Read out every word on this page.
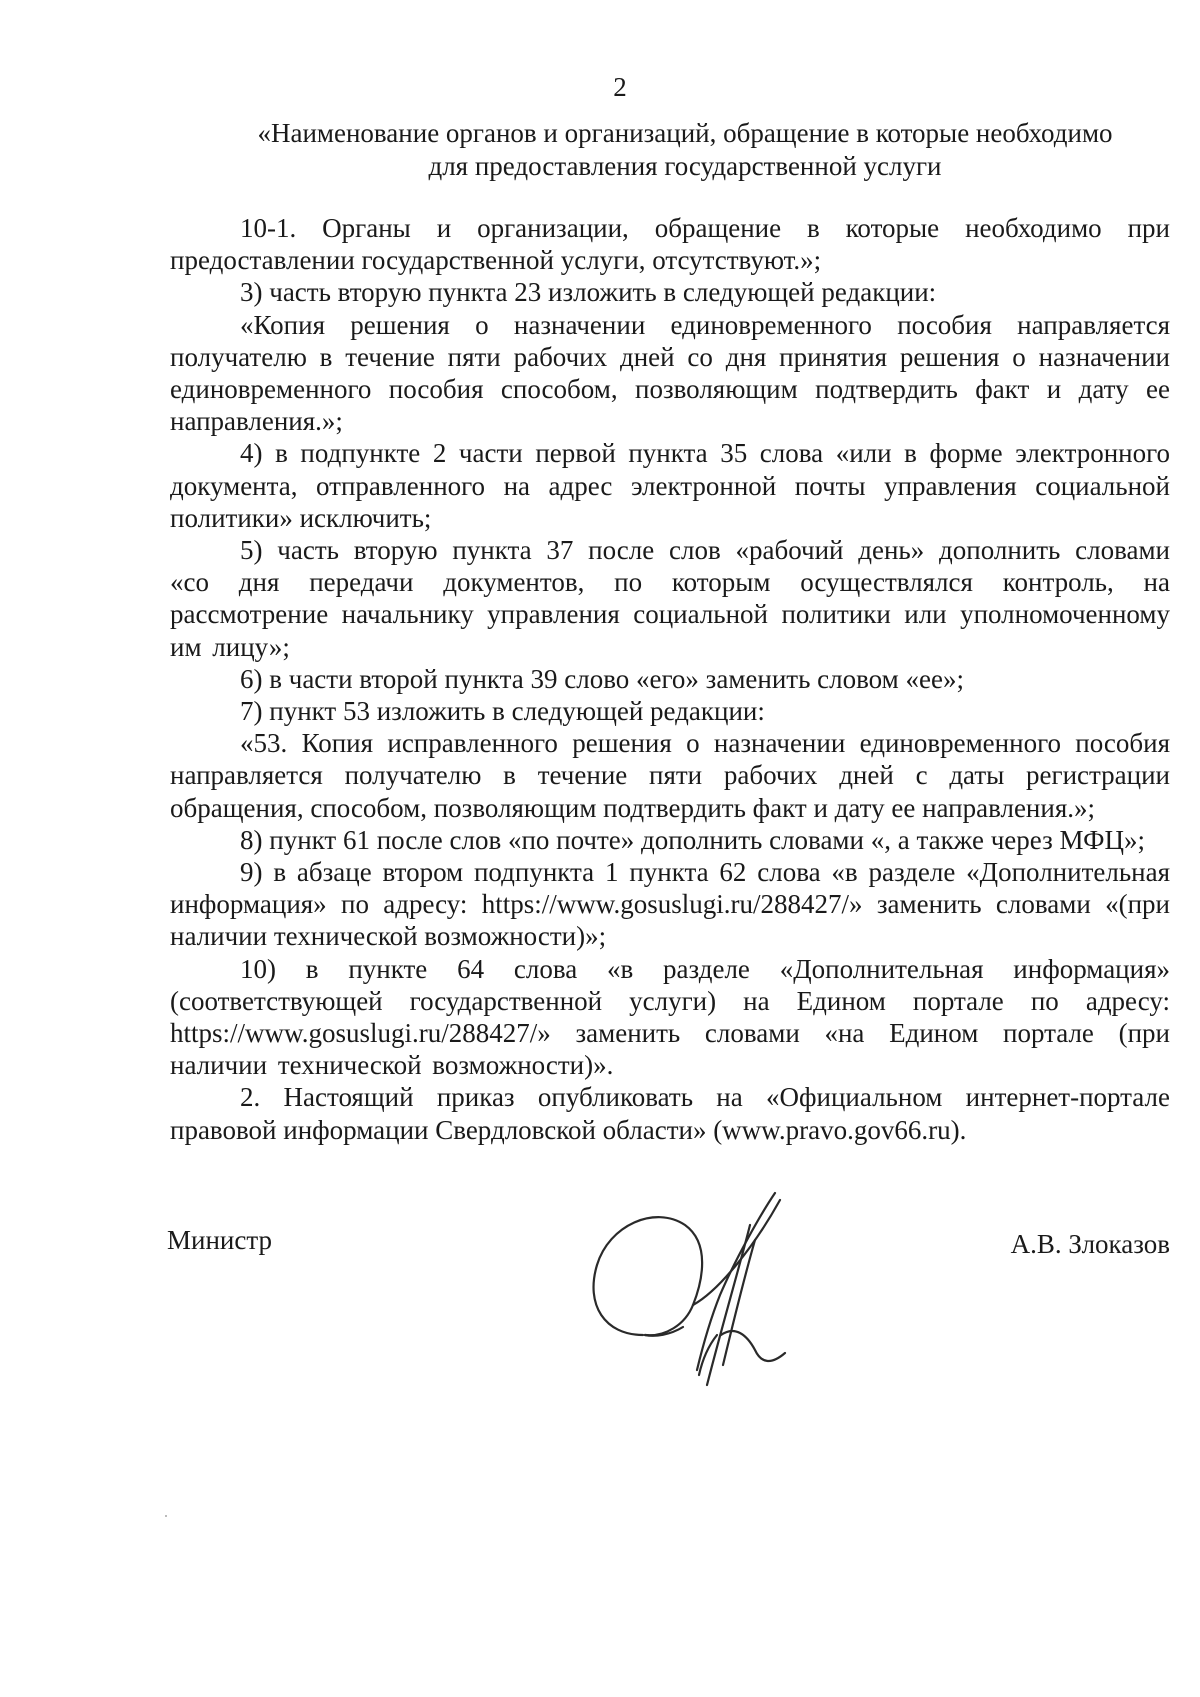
2
«Наименование органов и организаций, обращение в которые необходимо
для предоставления государственной услуги

10-1. Органы и организации, обращение в которые необходимо при предоставлении государственной услуги, отсутствуют.»;

3) часть вторую пункта 23 изложить в следующей редакции:

«Копия решения о назначении единовременного пособия направляется получателю в течение пяти рабочих дней со дня принятия решения о назначении единовременного пособия способом, позволяющим подтвердить факт и дату ее направления.»;

4) в подпункте 2 части первой пункта 35 слова «или в форме электронного документа, отправленного на адрес электронной почты управления социальной политики» исключить;

5) часть вторую пункта 37 после слов «рабочий день» дополнить словами «со дня передачи документов, по которым осуществлялся контроль, на рассмотрение начальнику управления социальной политики или уполномоченному им лицу»;

6) в части второй пункта 39 слово «его» заменить словом «ее»;

7) пункт 53 изложить в следующей редакции:

«53. Копия исправленного решения о назначении единовременного пособия направляется получателю в течение пяти рабочих дней с даты регистрации обращения, способом, позволяющим подтвердить факт и дату ее направления.»;

8) пункт 61 после слов «по почте» дополнить словами «, а также через МФЦ»;

9) в абзаце втором подпункта 1 пункта 62 слова «в разделе «Дополнительная информация» по адресу: https://www.gosuslugi.ru/288427/» заменить словами «(при наличии технической возможности)»;

10) в пункте 64 слова «в разделе «Дополнительная информация» (соответствующей государственной услуги) на Едином портале по адресу: https://www.gosuslugi.ru/288427/» заменить словами «на Едином портале (при наличии технической возможности)».

2. Настоящий приказ опубликовать на «Официальном интернет-портале правовой информации Свердловской области» (www.pravo.gov66.ru).

Министр	А.В. Злоказов
